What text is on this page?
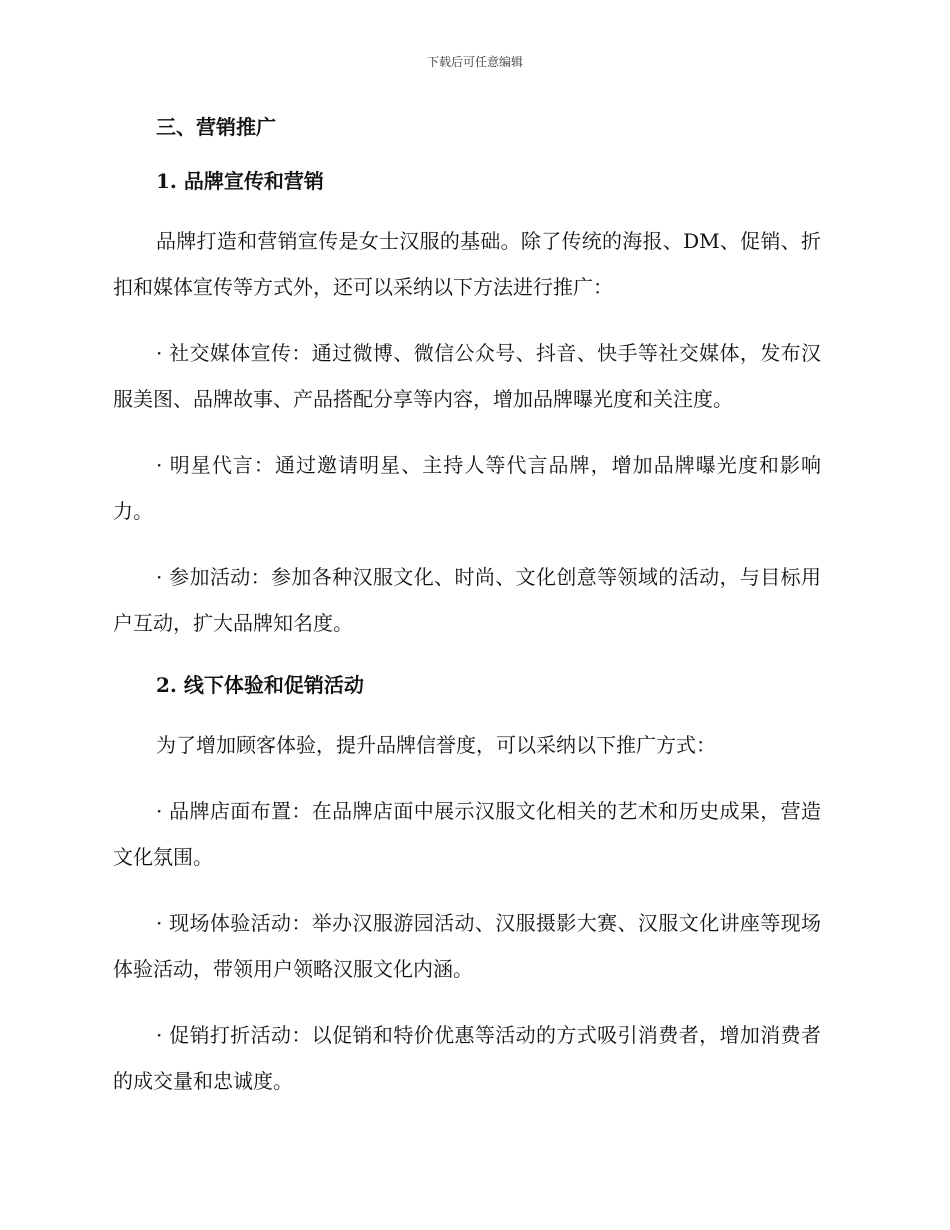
下载后可任意编辑
三、营销推广
1. 品牌宣传和营销

品牌打造和营销宣传是女士汉服的基础。除了传统的海报、DM、促销、折扣和媒体宣传等方式外，还可以采纳以下方法进行推广：

· 社交媒体宣传：通过微博、微信公众号、抖音、快手等社交媒体，发布汉服美图、品牌故事、产品搭配分享等内容，增加品牌曝光度和关注度。

· 明星代言：通过邀请明星、主持人等代言品牌，增加品牌曝光度和影响力。

· 参加活动：参加各种汉服文化、时尚、文化创意等领域的活动，与目标用户互动，扩大品牌知名度。

2. 线下体验和促销活动

为了增加顾客体验，提升品牌信誉度，可以采纳以下推广方式：

· 品牌店面布置：在品牌店面中展示汉服文化相关的艺术和历史成果，营造文化氛围。

· 现场体验活动：举办汉服游园活动、汉服摄影大赛、汉服文化讲座等现场体验活动，带领用户领略汉服文化内涵。

· 促销打折活动：以促销和特价优惠等活动的方式吸引消费者，增加消费者的成交量和忠诚度。
